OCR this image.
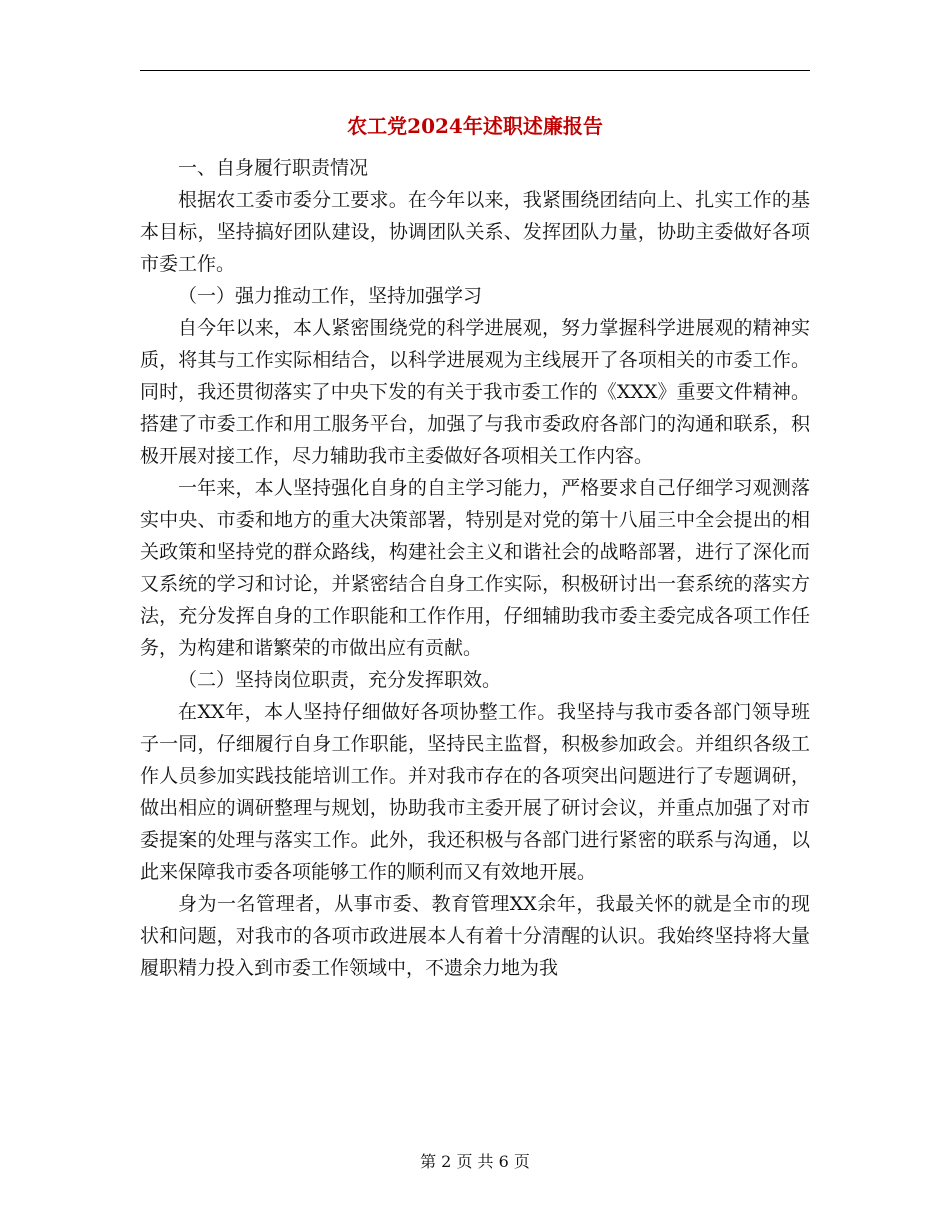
农工党2024年述职述廉报告

一、自身履行职责情况

根据农工委市委分工要求。在今年以来，我紧围绕团结向上、扎实工作的基本目标，坚持搞好团队建设，协调团队关系、发挥团队力量，协助主委做好各项市委工作。

（一）强力推动工作，坚持加强学习

自今年以来，本人紧密围绕党的科学进展观，努力掌握科学进展观的精神实质，将其与工作实际相结合，以科学进展观为主线展开了各项相关的市委工作。同时，我还贯彻落实了中央下发的有关于我市委工作的《XXX》重要文件精神。搭建了市委工作和用工服务平台，加强了与我市委政府各部门的沟通和联系，积极开展对接工作，尽力辅助我市主委做好各项相关工作内容。

一年来，本人坚持强化自身的自主学习能力，严格要求自己仔细学习观测落实中央、市委和地方的重大决策部署，特别是对党的第十八届三中全会提出的相关政策和坚持党的群众路线，构建社会主义和谐社会的战略部署，进行了深化而又系统的学习和讨论，并紧密结合自身工作实际，积极研讨出一套系统的落实方法，充分发挥自身的工作职能和工作作用，仔细辅助我市委主委完成各项工作任务，为构建和谐繁荣的市做出应有贡献。

（二）坚持岗位职责，充分发挥职效。

在XX年，本人坚持仔细做好各项协整工作。我坚持与我市委各部门领导班子一同，仔细履行自身工作职能，坚持民主监督，积极参加政会。并组织各级工作人员参加实践技能培训工作。并对我市存在的各项突出问题进行了专题调研，做出相应的调研整理与规划，协助我市主委开展了研讨会议，并重点加强了对市委提案的处理与落实工作。此外，我还积极与各部门进行紧密的联系与沟通，以此来保障我市委各项能够工作的顺利而又有效地开展。

身为一名管理者，从事市委、教育管理XX余年，我最关怀的就是全市的现状和问题，对我市的各项市政进展本人有着十分清醒的认识。我始终坚持将大量履职精力投入到市委工作领域中，不遗余力地为我

第 2 页 共 6 页
